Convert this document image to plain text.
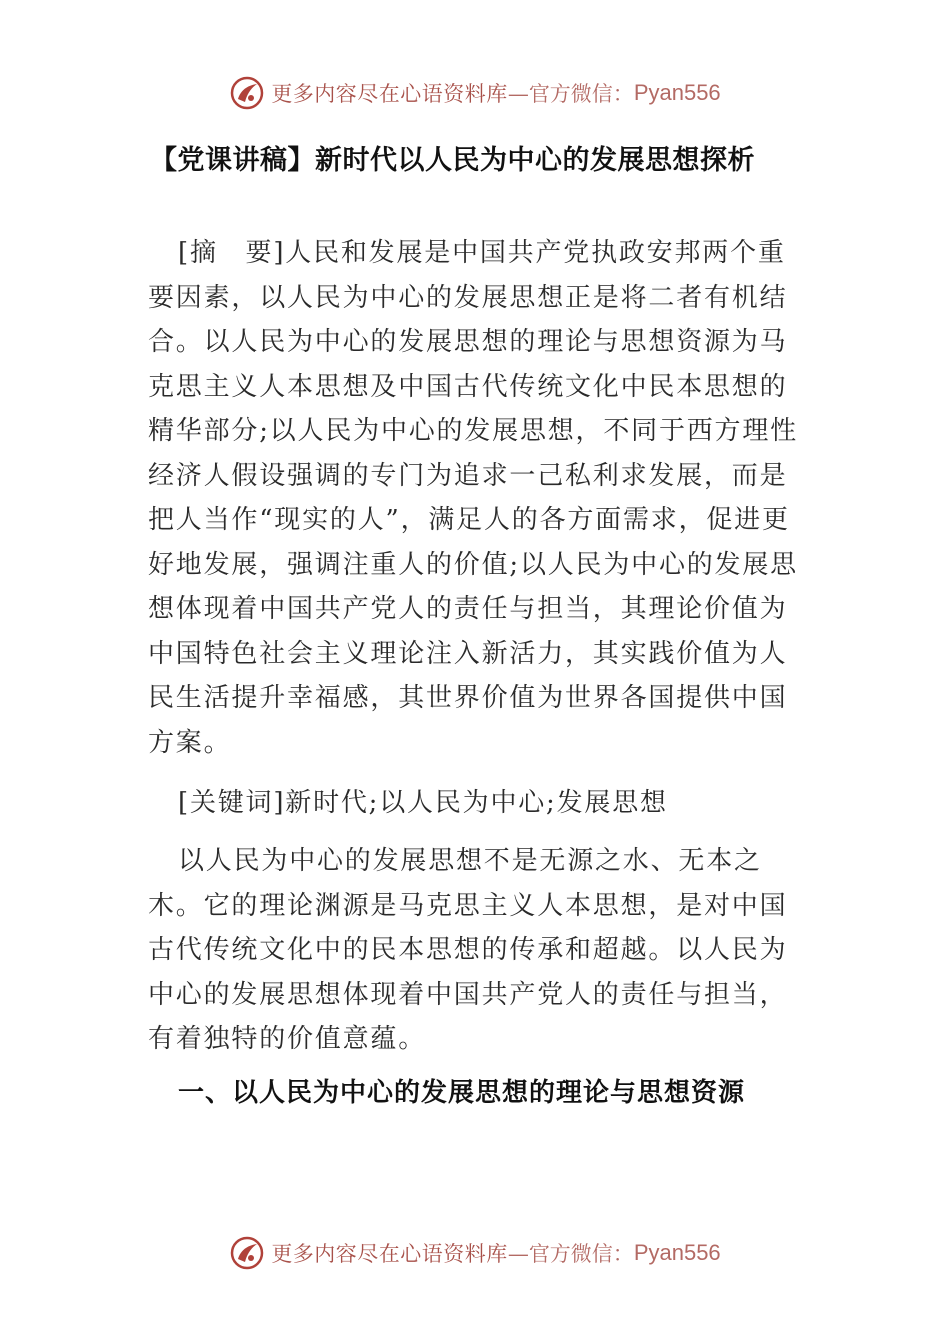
更多内容尽在心语资料库 —官方微信： Pyan556
【党课讲稿】新时代以人民为中心的发展思想探析

[摘　要]人民和发展是中国共产党执政安邦两个重要因素，以人民为中心的发展思想正是将二者有机结合。以人民为中心的发展思想的理论与思想资源为马克思主义人本思想及中国古代传统文化中民本思想的精华部分;以人民为中心的发展思想，不同于西方理性经济人假设强调的专门为追求一己私利求发展，而是把人当作“现实的人”，满足人的各方面需求，促进更好地发展，强调注重人的价值;以人民为中心的发展思想体现着中国共产党人的责任与担当，其理论价值为中国特色社会主义理论注入新活力，其实践价值为人民生活提升幸福感，其世界价值为世界各国提供中国方案。

[关键词]新时代;以人民为中心;发展思想

以人民为中心的发展思想不是无源之水、无本之木。它的理论渊源是马克思主义人本思想，是对中国古代传统文化中的民本思想的传承和超越。以人民为中心的发展思想体现着中国共产党人的责任与担当，有着独特的价值意蕴。

一、以人民为中心的发展思想的理论与思想资源
更多内容尽在心语资料库 —官方微信： Pyan556
